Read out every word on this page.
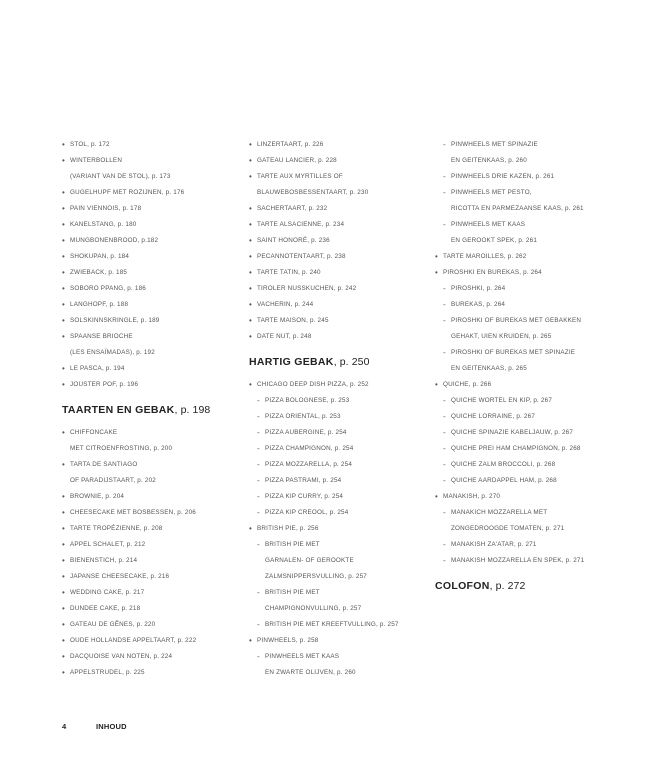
• STOL, p. 172
• WINTERBOLLEN
(VARIANT VAN DE STOL), p. 173
• GUGELHUPF MET ROZIJNEN, p. 176
• PAIN VIENNOIS, p. 178
• KANELSTANG, p. 180
• MUNGBONENBROOD, p.182
• SHOKUPAN, p. 184
• ZWIEBACK, p. 185
• SOBORO PPANG, p. 186
• LANGHOPF, p. 188
• SOLSKINNSKRINGLE, p. 189
• SPAANSE BRIOCHE
(LES ENSAÏMADAS), p. 192
• LE PASCA, p. 194
• JOUSTER POF, p. 196
TAARTEN EN GEBAK, p. 198
• CHIFFONCAKE
MET CITROENFROSTING, p. 200
• TARTA DE SANTIAGO
OF PARADIJSTAART, p. 202
• BROWNIE, p. 204
• CHEESECAKE MET BOSBESSEN, p. 206
• TARTE TROPÉZIENNE, p. 208
• APPEL SCHALET, p. 212
• BIENENSTICH, p. 214
• JAPANSE CHEESECAKE, p. 216
• WEDDING CAKE, p. 217
• DUNDEE CAKE, p. 218
• GATEAU DE GÊNES, p. 220
• OUDE HOLLANDSE APPELTAART, p. 222
• DACQUOISE VAN NOTEN, p. 224
• APPELSTRUDEL, p. 225
• LINZERTAART, p. 226
• GATEAU LANCIER, p. 228
• TARTE AUX MYRTILLES OF
BLAUWEBOSBESSENTAART, p. 230
• SACHERTAART, p. 232
• TARTE ALSACIENNE, p. 234
• SAINT HONORÉ, p. 236
• PECANNOTENTAART, p. 238
• TARTE TATIN, p. 240
• TIROLER NUSSKUCHEN, p. 242
• VACHERIN, p. 244
• TARTE MAISON, p. 245
• DATE NUT, p. 248
HARTIG GEBAK, p. 250
• CHICAGO DEEP DISH PIZZA, p. 252
- PIZZA BOLOGNESE, p. 253
- PIZZA ORIENTAL, p. 253
- PIZZA AUBERGINE, p. 254
- PIZZA CHAMPIGNON, p. 254
- PIZZA MOZZARELLA, p. 254
- PIZZA PASTRAMI, p. 254
- PIZZA KIP CURRY, p. 254
- PIZZA KIP CREOOL, p. 254
• BRITISH PIE, p. 256
- BRITISH PIE MET
GARNALEN- OF GEROOKTE
ZALMSNIPPERSVULLING, p. 257
- BRITISH PIE MET
CHAMPIGNONVULLING, p. 257
- BRITISH PIE MET KREEFTVULLING, p. 257
• PINWHEELS, p. 258
- PINWHEELS MET KAAS
EN ZWARTE OLIJVEN, p. 260
- PINWHEELS MET SPINAZIE
EN GEITENKAAS, p. 260
- PINWHEELS DRIE KAZEN, p. 261
- PINWHEELS MET PESTO,
RICOTTA EN PARMEZAANSE KAAS, p. 261
- PINWHEELS MET KAAS
EN GEROOKT SPEK, p. 261
• TARTE MAROILLES, p. 262
• PIROSHKI EN BUREKAS, p. 264
- PIROSHKI, p. 264
- BUREKAS, p. 264
- PIROSHKI OF BUREKAS MET GEBAKKEN
GEHAKT, UIEN KRUIDEN, p. 265
- PIROSHKI OF BUREKAS MET SPINAZIE
EN GEITENKAAS, p. 265
• QUICHE, p. 266
- QUICHE WORTEL EN KIP, p. 267
- QUICHE LORRAINE, p. 267
- QUICHE SPINAZIE KABELJAUW, p. 267
- QUICHE PREI HAM CHAMPIGNON, p. 268
- QUICHE ZALM BROCCOLI, p. 268
- QUICHE AARDAPPEL HAM, p. 268
• MANAKISH, p. 270
- MANAKICH MOZZARELLA MET
ZONGEDROOGDE TOMATEN, p. 271
- MANAKISH ZA'ATAR, p. 271
- MANAKISH MOZZARELLA EN SPEK, p. 271
COLOFON, p. 272
4	INHOUD
